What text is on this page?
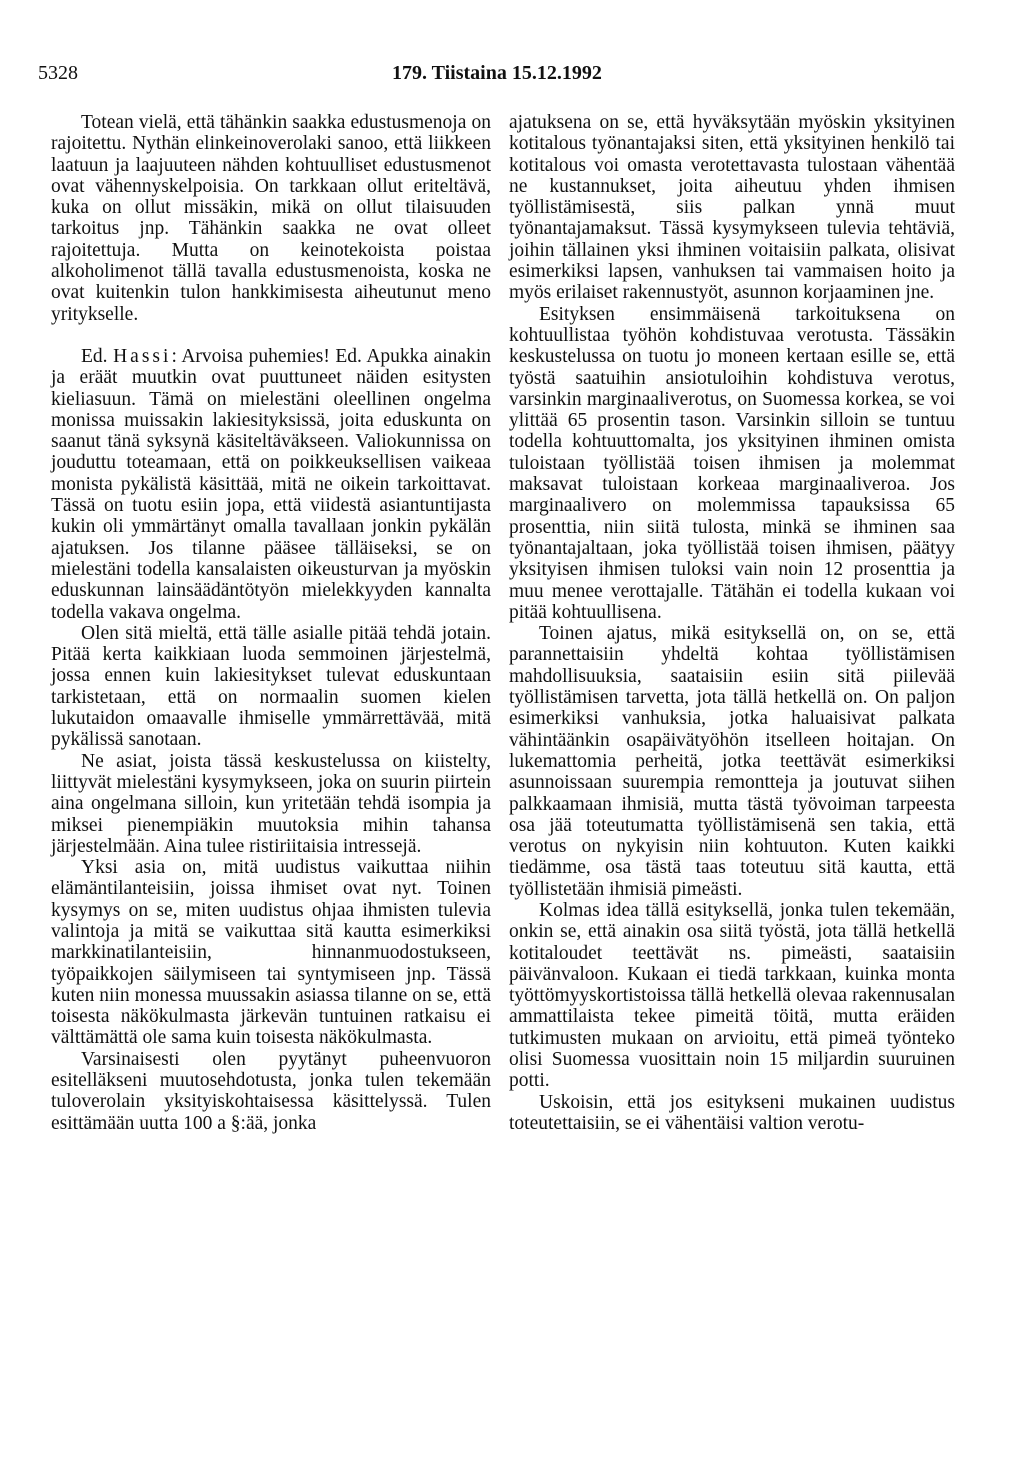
5328	179. Tiistaina 15.12.1992

Totean vielä, että tähänkin saakka edustusmenoja on rajoitettu. Nythän elinkeinoverolaki sanoo, että liikkeen laatuun ja laajuuteen nähden kohtuulliset edustusmenot ovat vähennyskelpoisia. On tarkkaan ollut eriteltävä, kuka on ollut missäkin, mikä on ollut tilaisuuden tarkoitus jnp. Tähänkin saakka ne ovat olleet rajoitettuja. Mutta on keinotekoista poistaa alkoholimenot tällä tavalla edustusmenoista, koska ne ovat kuitenkin tulon hankkimisesta aiheutunut meno yritykselle.

Ed. Hassi: Arvoisa puhemies! Ed. Apukka ainakin ja eräät muutkin ovat puuttuneet näiden esitysten kieliasuun. Tämä on mielestäni oleellinen ongelma monissa muissakin lakiesityksissä, joita eduskunta on saanut tänä syksynä käsiteltäväkseen. Valiokunnissa on jouduttu toteamaan, että on poikkeuksellisen vaikeaa monista pykälistä käsittää, mitä ne oikein tarkoittavat. Tässä on tuotu esiin jopa, että viidestä asiantuntijasta kukin oli ymmärtänyt omalla tavallaan jonkin pykälän ajatuksen. Jos tilanne pääsee tälläiseksi, se on mielestäni todella kansalaisten oikeusturvan ja myöskin eduskunnan lainsäädäntötyön mielekkyyden kannalta todella vakava ongelma.

Olen sitä mieltä, että tälle asialle pitää tehdä jotain. Pitää kerta kaikkiaan luoda semmoinen järjestelmä, jossa ennen kuin lakiesitykset tulevat eduskuntaan tarkistetaan, että on normaalin suomen kielen lukutaidon omaavalle ihmiselle ymmärrettävää, mitä pykälissä sanotaan.

Ne asiat, joista tässä keskustelussa on kiistelty, liittyvät mielestäni kysymykseen, joka on suurin piirtein aina ongelmana silloin, kun yritetään tehdä isompia ja miksei pienempiäkin muutoksia mihin tahansa järjestelmään. Aina tulee ristiriitaisia intressejä.

Yksi asia on, mitä uudistus vaikuttaa niihin elämäntilanteisiin, joissa ihmiset ovat nyt. Toinen kysymys on se, miten uudistus ohjaa ihmisten tulevia valintoja ja mitä se vaikuttaa sitä kautta esimerkiksi markkinatilanteisiin, hinnanmuodostukseen, työpaikkojen säilymiseen tai syntymiseen jnp. Tässä kuten niin monessa muussakin asiassa tilanne on se, että toisesta näkökulmasta järkevän tuntuinen ratkaisu ei välttämättä ole sama kuin toisesta näkökulmasta.

Varsinaisesti olen pyytänyt puheenvuoron esitelläkseni muutosehdotusta, jonka tulen tekemään tuloverolain yksityiskohtaisessa käsittelyssä. Tulen esittämään uutta 100 a §:ää, jonka

ajatuksena on se, että hyväksytään myöskin yksityinen kotitalous työnantajaksi siten, että yksityinen henkilö tai kotitalous voi omasta verotettavasta tulostaan vähentää ne kustannukset, joita aiheutuu yhden ihmisen työllistämisestä, siis palkan ynnä muut työnantajamaksut. Tässä kysymykseen tulevia tehtäviä, joihin tällainen yksi ihminen voitaisiin palkata, olisivat esimerkiksi lapsen, vanhuksen tai vammaisen hoito ja myös erilaiset rakennustyöt, asunnon korjaaminen jne.

Esityksen ensimmäisenä tarkoituksena on kohtuullistaa työhön kohdistuvaa verotusta. Tässäkin keskustelussa on tuotu jo moneen kertaan esille se, että työstä saatuihin ansiotuloihin kohdistuva verotus, varsinkin marginaaliverotus, on Suomessa korkea, se voi ylittää 65 prosentin tason. Varsinkin silloin se tuntuu todella kohtuuttomalta, jos yksityinen ihminen omista tuloistaan työllistää toisen ihmisen ja molemmat maksavat tuloistaan korkeaa marginaaliveroa. Jos marginaalivero on molemmissa tapauksissa 65 prosenttia, niin siitä tulosta, minkä se ihminen saa työnantajaltaan, joka työllistää toisen ihmisen, päätyy yksityisen ihmisen tuloksi vain noin 12 prosenttia ja muu menee verottajalle. Tätähän ei todella kukaan voi pitää kohtuullisena.

Toinen ajatus, mikä esityksellä on, on se, että parannettaisiin yhdeltä kohtaa työllistämisen mahdollisuuksia, saataisiin esiin sitä piilevää työllistämisen tarvetta, jota tällä hetkellä on. On paljon esimerkiksi vanhuksia, jotka haluaisivat palkata vähintäänkin osapäivätyöhön itselleen hoitajan. On lukemattomia perheitä, jotka teettävät esimerkiksi asunnoissaan suurempia remontteja ja joutuvat siihen palkkaamaan ihmisiä, mutta tästä työvoiman tarpeesta osa jää toteutumatta työllistämisenä sen takia, että verotus on nykyisin niin kohtuuton. Kuten kaikki tiedämme, osa tästä taas toteutuu sitä kautta, että työllistetään ihmisiä pimeästi.

Kolmas idea tällä esityksellä, jonka tulen tekemään, onkin se, että ainakin osa siitä työstä, jota tällä hetkellä kotitaloudet teettävät ns. pimeästi, saataisiin päivänvaloon. Kukaan ei tiedä tarkkaan, kuinka monta työttömyyskortistoissa tällä hetkellä olevaa rakennusalan ammattilaista tekee pimeitä töitä, mutta eräiden tutkimusten mukaan on arvioitu, että pimeä työnteko olisi Suomessa vuosittain noin 15 miljardin suuruinen potti.

Uskoisin, että jos esitykseni mukainen uudistus toteutettaisiin, se ei vähentäisi valtion verotu-
